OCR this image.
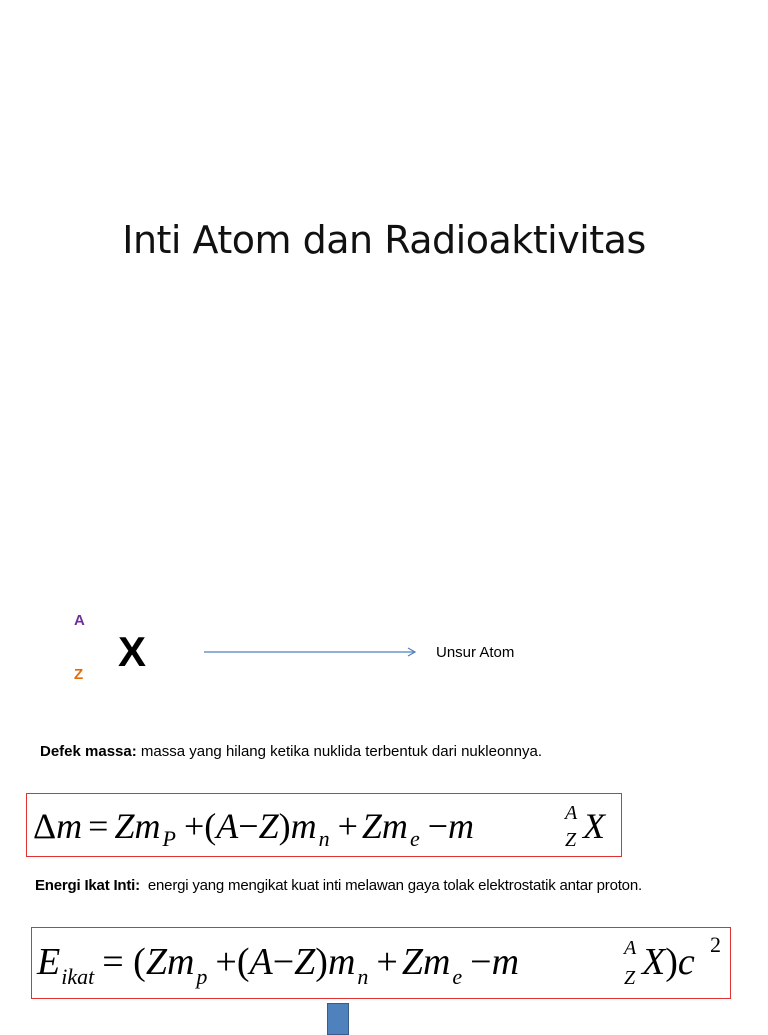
Inti Atom dan Radioaktivitas
A
Z X	Unsur Atom
Defek massa: massa yang hilang ketika nuklida terbentuk dari nukleonnya.
$\Delta m = Zm_P +(A-Z)m_n + Zm_e -m$	A
Z X
Energi Ikat Inti:  energi yang mengikat kuat inti melawan gaya tolak elektrostatik antar proton.
$E_{ikat} = (Zm_p +(A-Z)m_n + Zm_e -m$	A
Z X)c 2
